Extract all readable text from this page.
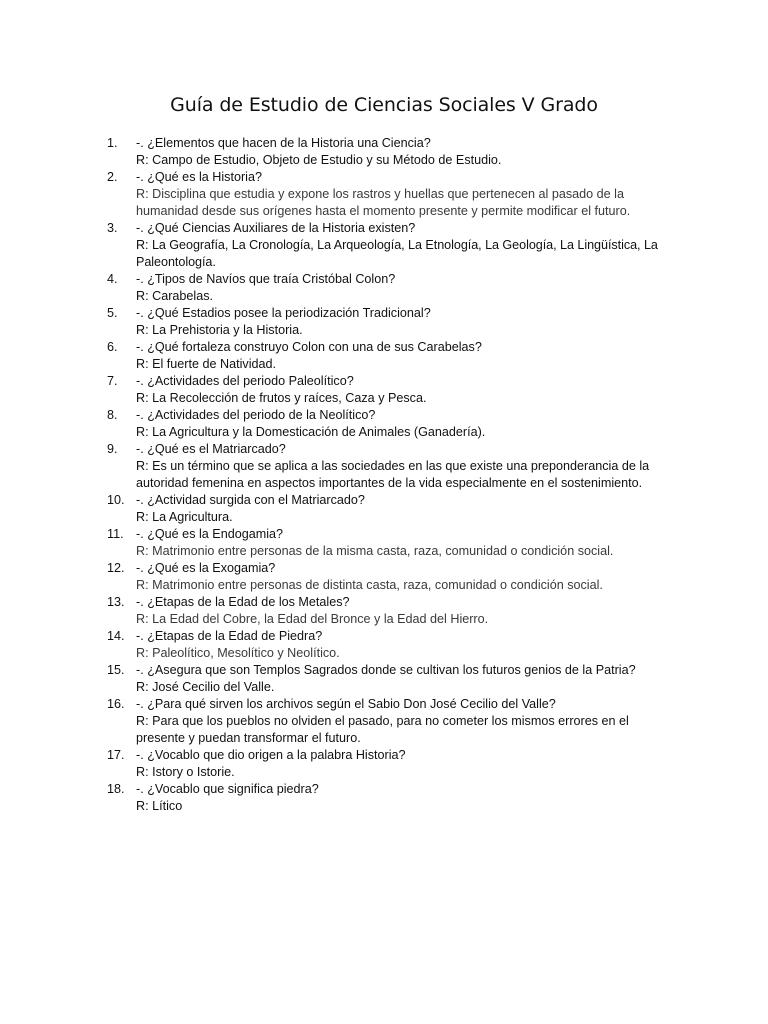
Guía de Estudio de Ciencias Sociales V Grado
1.	-. ¿Elementos que hacen de la Historia una Ciencia?
R: Campo de Estudio, Objeto de Estudio y su Método de Estudio.
2.	-. ¿Qué es la Historia?
R: Disciplina que estudia y expone los rastros y huellas que pertenecen al pasado de la humanidad desde sus orígenes hasta el momento presente y permite modificar el futuro.
3.	-. ¿Qué Ciencias Auxiliares de la Historia existen?
R: La Geografía, La Cronología, La Arqueología, La Etnología, La Geología, La Lingüística, La Paleontología.
4.	-. ¿Tipos de Navíos que traía Cristóbal Colon?
R: Carabelas.
5.	-. ¿Qué Estadios posee la periodización Tradicional?
R: La Prehistoria y la Historia.
6.	-. ¿Qué fortaleza construyo Colon con una de sus Carabelas?
R: El fuerte de Natividad.
7.	-. ¿Actividades del periodo Paleolítico?
R: La Recolección de frutos y raíces, Caza y Pesca.
8.	-. ¿Actividades del periodo de la Neolítico?
R: La Agricultura y la Domesticación de Animales (Ganadería).
9.	-. ¿Qué es el Matriarcado?
R: Es un término que se aplica a las sociedades en las que existe una preponderancia de la autoridad femenina en aspectos importantes de la vida especialmente en el sostenimiento.
10. -. ¿Actividad surgida con el Matriarcado?
R: La Agricultura.
11. -. ¿Qué es la Endogamia?
R: Matrimonio entre personas de la misma casta, raza, comunidad o condición social.
12. -. ¿Qué es la Exogamia?
R: Matrimonio entre personas de distinta casta, raza, comunidad o condición social.
13. -. ¿Etapas de la Edad de los Metales?
R: La Edad del Cobre, la Edad del Bronce y la Edad del Hierro.
14. -. ¿Etapas de la Edad de Piedra?
R: Paleolítico, Mesolítico y Neolítico.
15. -. ¿Asegura que son Templos Sagrados donde se cultivan los futuros genios de la Patria?
R: José Cecilio del Valle.
16. -. ¿Para qué sirven los archivos según el Sabio Don José Cecilio del Valle?
R: Para que los pueblos no olviden el pasado, para no cometer los mismos errores en el presente y puedan transformar el futuro.
17. -. ¿Vocablo que dio origen a la palabra Historia?
R: Istory o Istorie.
18. -. ¿Vocablo que significa piedra?
R: Lítico
